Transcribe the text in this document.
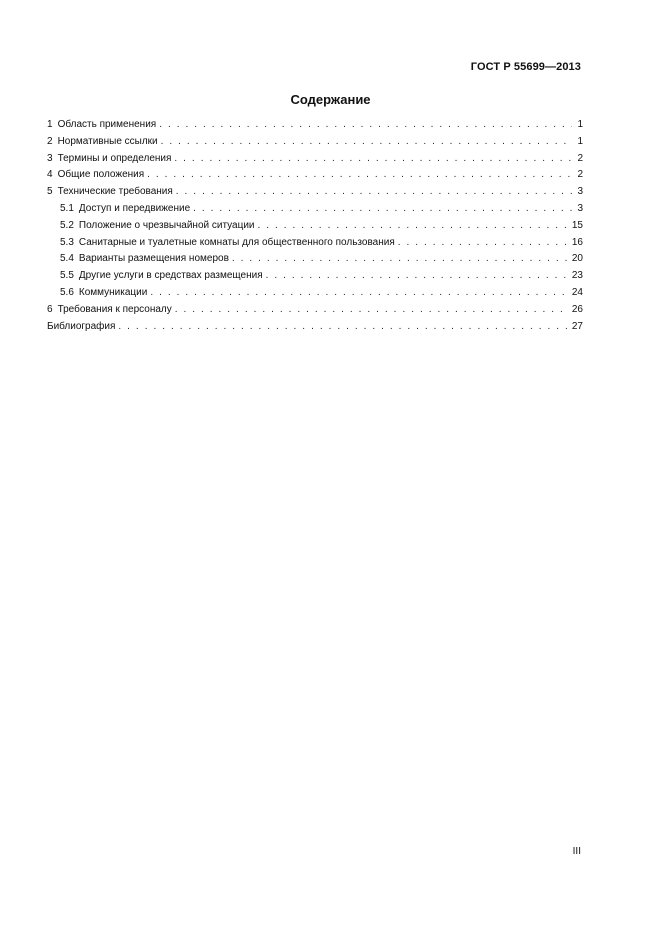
ГОСТ Р 55699—2013
Содержание
1 Область применения . . .	1
2 Нормативные ссылки . . .	1
3 Термины и определения . . .	2
4 Общие положения . . .	2
5 Технические требования . . .	3
5.1 Доступ и передвижение . . .	3
5.2 Положение о чрезвычайной ситуации . . .	15
5.3 Санитарные и туалетные комнаты для общественного пользования . . .	16
5.4 Варианты размещения номеров . . .	20
5.5 Другие услуги в средствах размещения . . .	23
5.6 Коммуникации . . .	24
6 Требования к персоналу . . .	26
Библиография . . .	27
III
